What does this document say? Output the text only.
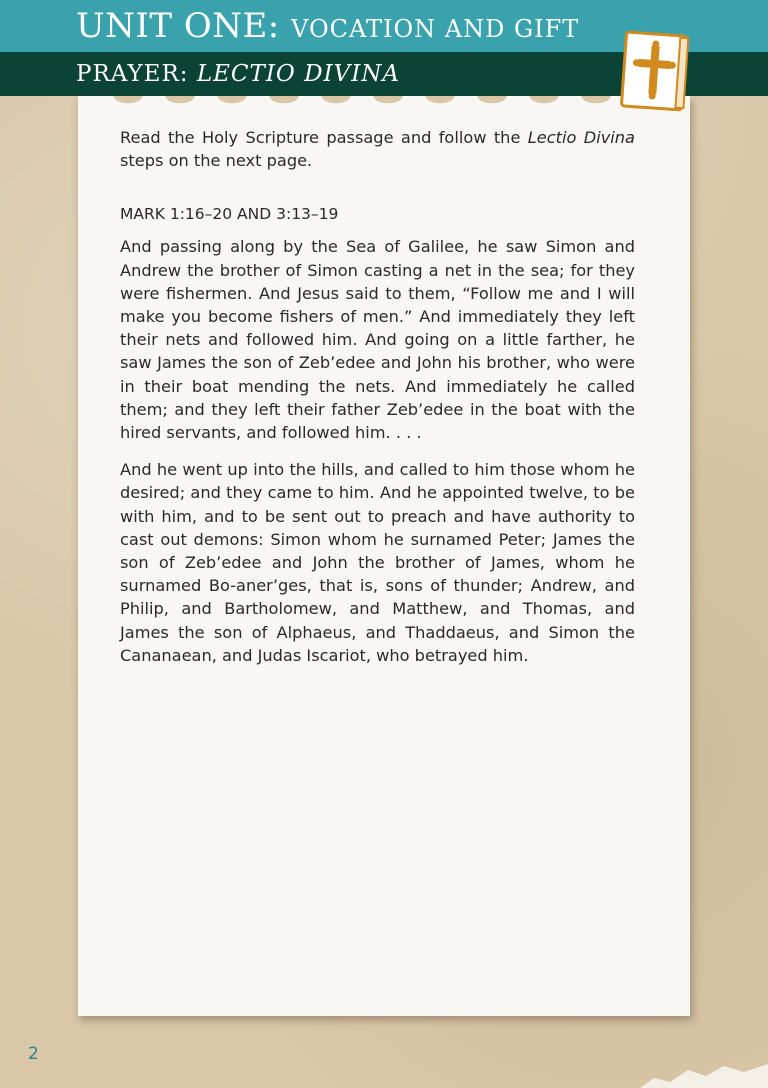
UNIT ONE: VOCATION AND GIFT
PRAYER: LECTIO DIVINA

Read the Holy Scripture passage and follow the Lectio Divina steps on the next page.

MARK 1:16–20 AND 3:13–19

And passing along by the Sea of Galilee, he saw Simon and Andrew the brother of Simon casting a net in the sea; for they were fishermen. And Jesus said to them, “Follow me and I will make you become fishers of men.” And immediately they left their nets and followed him. And going on a little farther, he saw James the son of Zeb’edee and John his brother, who were in their boat mending the nets. And immediately he called them; and they left their father Zeb’edee in the boat with the hired servants, and followed him. . . .

And he went up into the hills, and called to him those whom he desired; and they came to him. And he appointed twelve, to be with him, and to be sent out to preach and have authority to cast out demons: Simon whom he surnamed Peter; James the son of Zeb’edee and John the brother of James, whom he surnamed Bo-aner’ges, that is, sons of thunder; Andrew, and Philip, and Bartholomew, and Matthew, and Thomas, and James the son of Alphaeus, and Thaddaeus, and Simon the Cananaean, and Judas Iscariot, who betrayed him.

2
